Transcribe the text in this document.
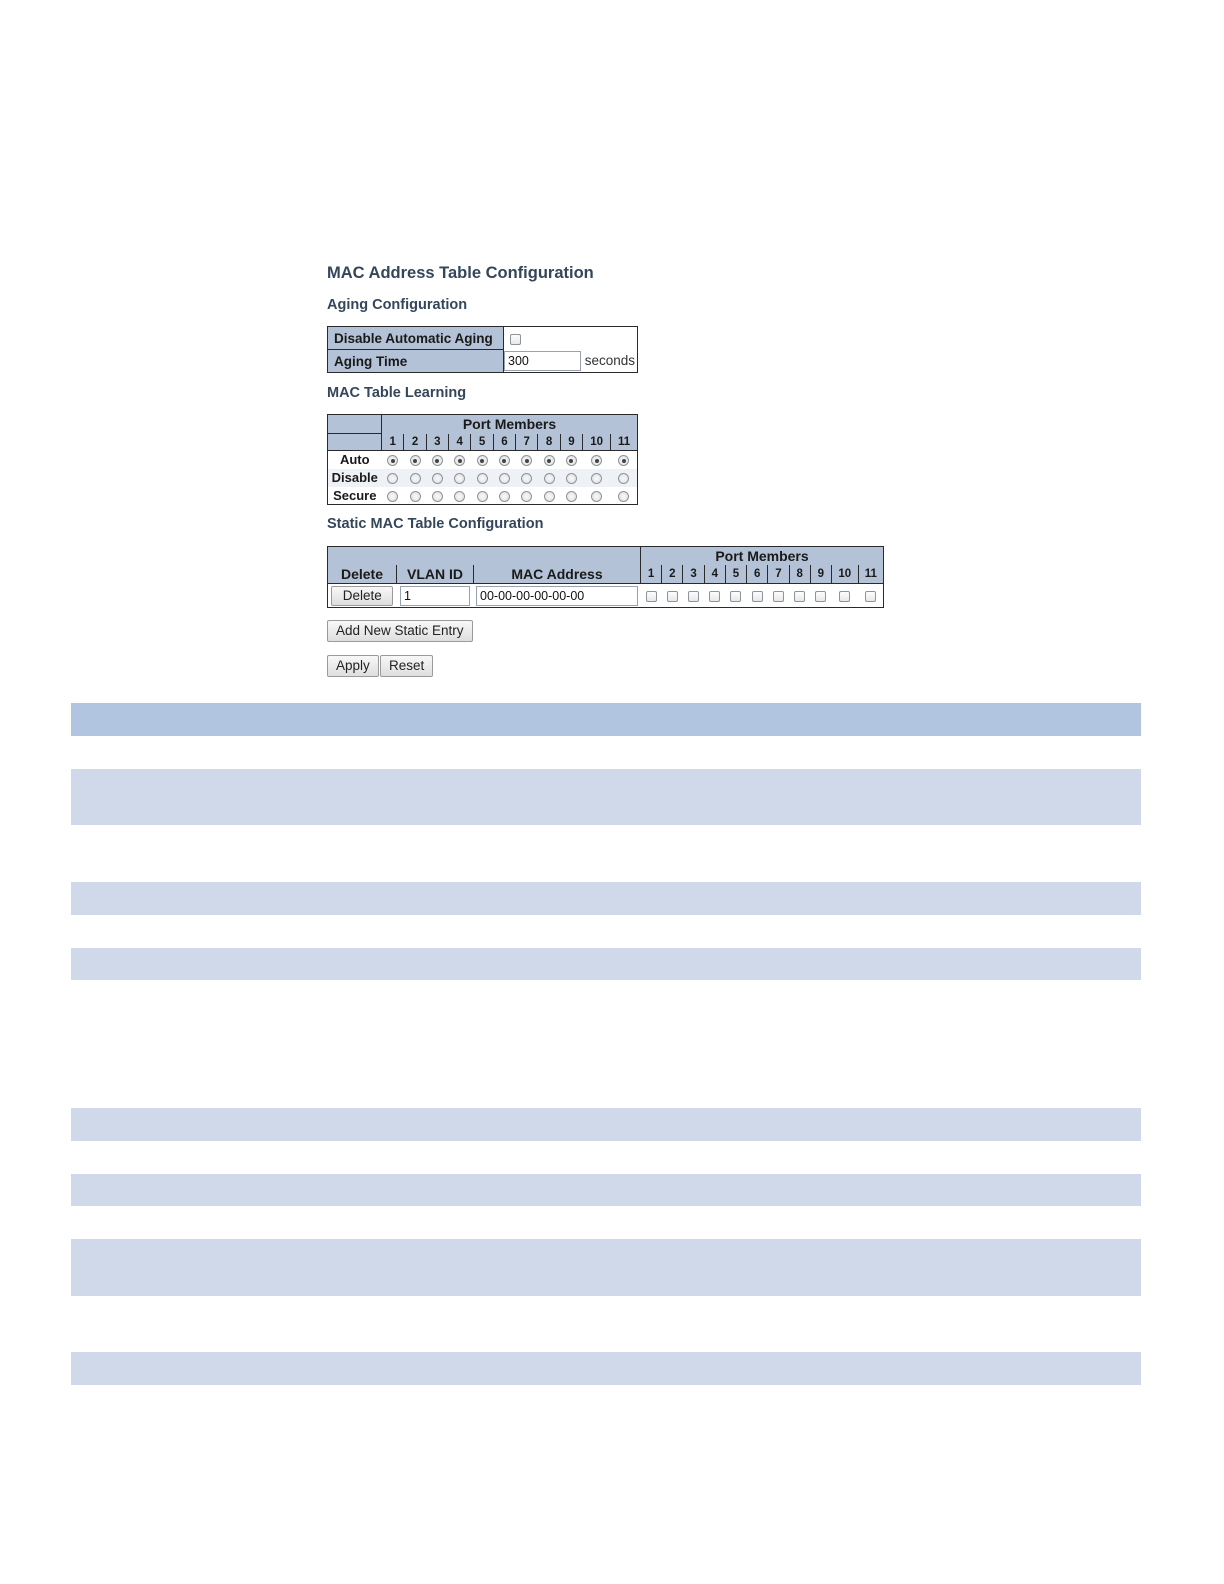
MAC Address Table Configuration
Aging Configuration
Disable Automatic Aging	
Aging Time	300seconds
MAC Table Learning
	Port Members										
	1	2	3	4	5	6	7	8	9	10	11
Auto											
Disable											
Secure											
Static MAC Table Configuration
			Port Members										
Delete	VLAN ID	MAC Address	1	2	3	4	5	6	7	8	9	10	11
Delete	1	00-00-00-00-00-00											
Add New Static Entry
Apply	Reset
